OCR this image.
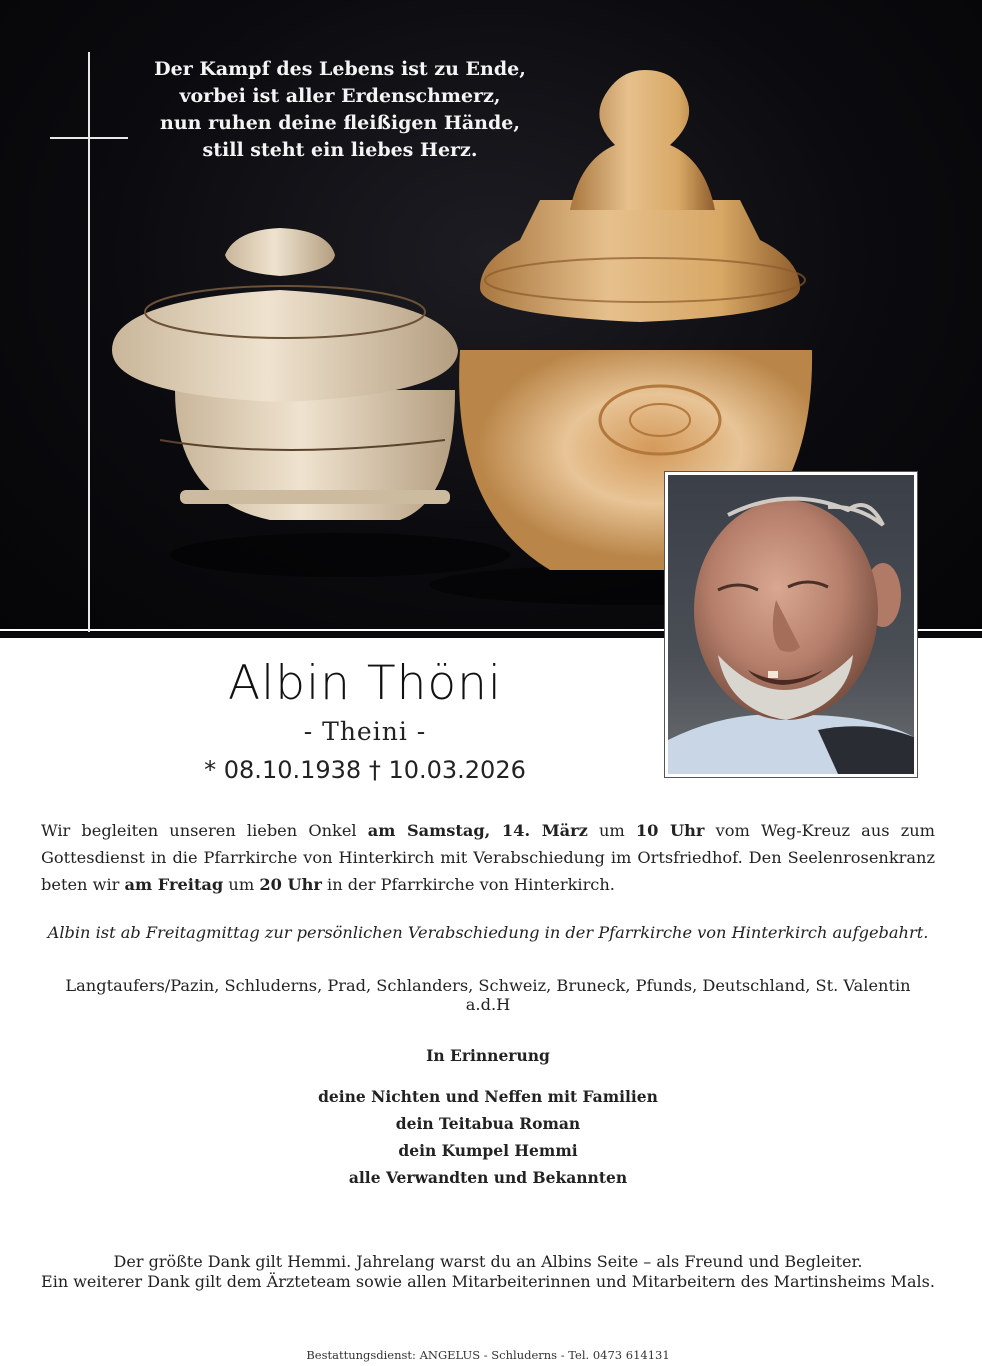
Der Kampf des Lebens ist zu Ende,
vorbei ist aller Erdenschmerz,
nun ruhen deine fleißigen Hände,
still steht ein liebes Herz.
Albin Thöni
- Theini -
* 08.10.1938 † 10.03.2026
Wir begleiten unseren lieben Onkel am Samstag, 14. März um 10 Uhr vom Weg-Kreuz aus zum Gottesdienst in die Pfarrkirche von Hinterkirch mit Verabschiedung im Ortsfriedhof. Den Seelenrosenkranz beten wir am Freitag um 20 Uhr in der Pfarrkirche von Hinterkirch.
Albin ist ab Freitagmittag zur persönlichen Verabschiedung in der Pfarrkirche von Hinterkirch aufgebahrt.
Langtaufers/Pazin, Schluderns, Prad, Schlanders, Schweiz, Bruneck, Pfunds, Deutschland, St. Valentin a.d.H
In Erinnerung
deine Nichten und Neffen mit Familien
dein Teitabua Roman
dein Kumpel Hemmi
alle Verwandten und Bekannten
Der größte Dank gilt Hemmi. Jahrelang warst du an Albins Seite – als Freund und Begleiter.
Ein weiterer Dank gilt dem Ärzteteam sowie allen Mitarbeiterinnen und Mitarbeitern des Martinsheims Mals.
Bestattungsdienst: ANGELUS - Schluderns - Tel. 0473 614131
